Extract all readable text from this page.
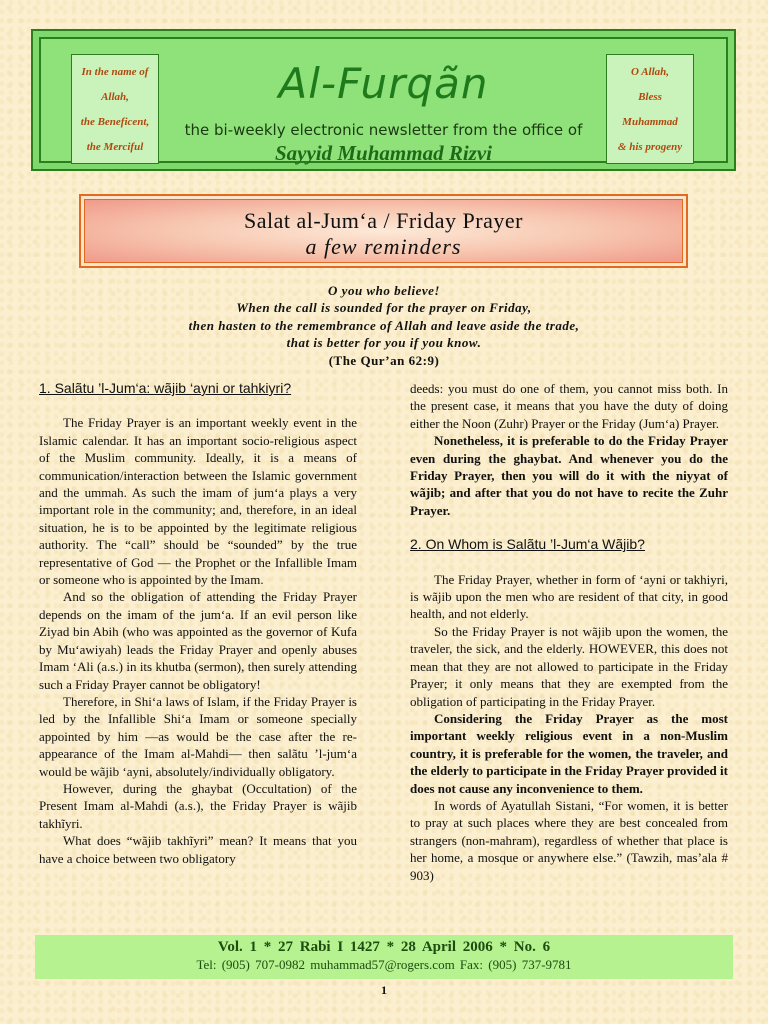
In the name of
Allah,
the Beneficent,
the Merciful
Al-Furqãn
the bi-weekly electronic newsletter from the office of
Sayyid Muhammad Rizvi
O Allah,
Bless
Muhammad
& his progeny
Salat al-Jum‘a / Friday Prayer
a few reminders
O you who believe!
When the call is sounded for the prayer on Friday,
then hasten to the remembrance of Allah and leave aside the trade,
that is better for you if you know.
(The Qur’an 62:9)
1. Salãtu ’l-Jum‘a: wãjib ‘ayni or tahkiyri?

The Friday Prayer is an important weekly event in the Islamic calendar. It has an important socio-religious aspect of the Muslim community. Ideally, it is a means of communication/interaction between the Islamic government and the ummah. As such the imam of jum‘a plays a very important role in the community; and, therefore, in an ideal situation, he is to be appointed by the legitimate religious authority. The “call” should be “sounded” by the true representative of God — the Prophet or the Infallible Imam or someone who is appointed by the Imam.

And so the obligation of attending the Friday Prayer depends on the imam of the jum‘a. If an evil person like Ziyad bin Abih (who was appointed as the governor of Kufa by Mu‘awiyah) leads the Friday Prayer and openly abuses Imam ‘Ali (a.s.) in its khutba (sermon), then surely attending such a Friday Prayer cannot be obligatory!

Therefore, in Shi‘a laws of Islam, if the Friday Prayer is led by the Infallible Shi‘a Imam or someone specially appointed by him —as would be the case after the re-appearance of the Imam al-Mahdi— then salãtu ’l-jum‘a would be wãjib ‘ayni, absolutely/individually obligatory.

However, during the ghaybat (Occultation) of the Present Imam al-Mahdi (a.s.), the Friday Prayer is wãjib takhĩyri.

What does “wãjib takhĩyri” mean? It means that you have a choice between two obligatory

deeds: you must do one of them, you cannot miss both. In the present case, it means that you have the duty of doing either the Noon (Zuhr) Prayer or the Friday (Jum‘a) Prayer.

Nonetheless, it is preferable to do the Friday Prayer even during the ghaybat. And whenever you do the Friday Prayer, then you will do it with the niyyat of wãjib; and after that you do not have to recite the Zuhr Prayer.

2. On Whom is Salãtu ’l-Jum‘a Wãjib?

The Friday Prayer, whether in form of ‘ayni or takhiyri, is wãjib upon the men who are resident of that city, in good health, and not elderly.

So the Friday Prayer is not wãjib upon the women, the traveler, the sick, and the elderly. HOWEVER, this does not mean that they are not allowed to participate in the Friday Prayer; it only means that they are exempted from the obligation of participating in the Friday Prayer.

Considering the Friday Prayer as the most important weekly religious event in a non-Muslim country, it is preferable for the women, the traveler, and the elderly to participate in the Friday Prayer provided it does not cause any inconvenience to them.

In words of Ayatullah Sistani, “For women, it is better to pray at such places where they are best concealed from strangers (non-mahram), regardless of whether that place is her home, a mosque or anywhere else.” (Tawzih, mas’ala # 903)

Vol. 1 * 27 Rabi I 1427 * 28 April 2006 * No. 6
Tel: (905) 707-0982 muhammad57@rogers.com Fax: (905) 737-9781
1
